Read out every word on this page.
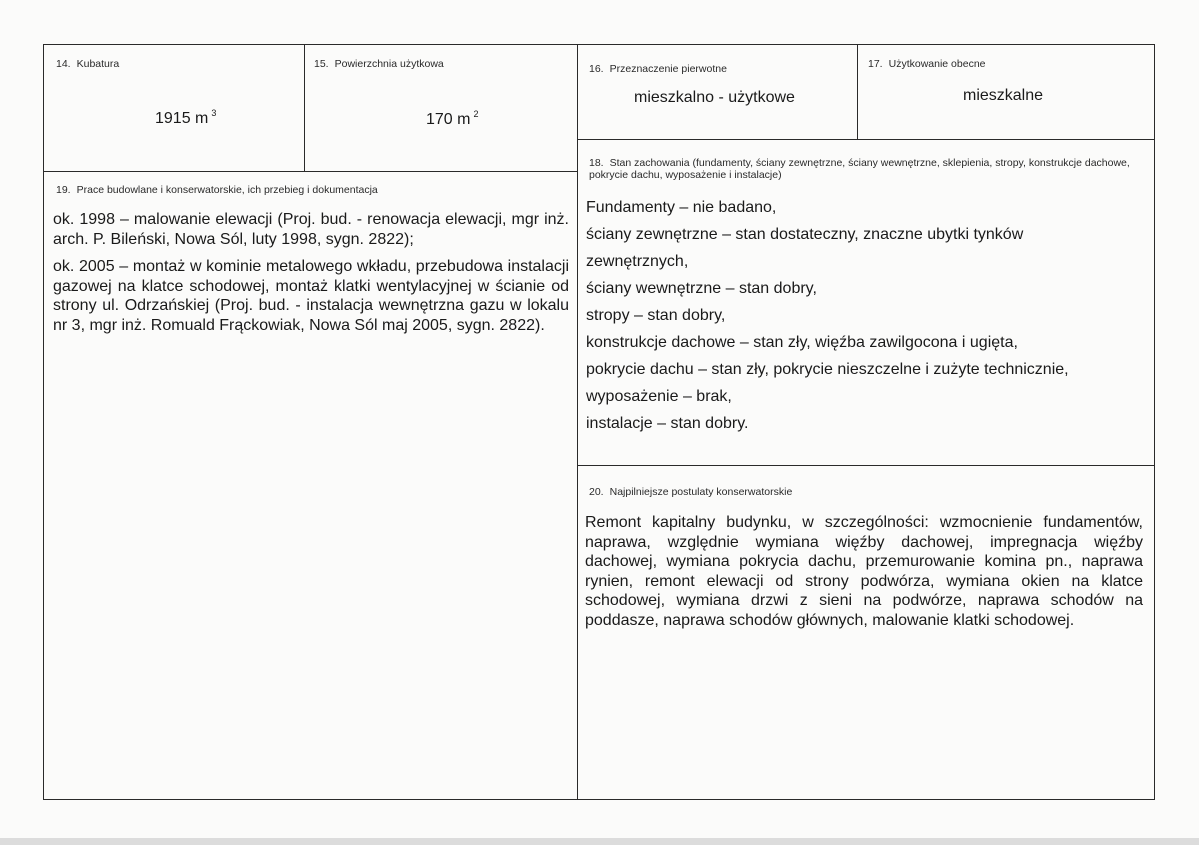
14. Kubatura
1915 m $^3$
15. Powierzchnia użytkowa
170 m $^2$
16. Przeznaczenie pierwotne
mieszkalno - użytkowe
17. Użytkowanie obecne
mieszkalne
18. Stan zachowania (fundamenty, ściany zewnętrzne, ściany wewnętrzne, sklepienia, stropy, konstrukcje dachowe, pokrycie dachu, wyposażenie i instalacje)
Fundamenty – nie badano,
ściany zewnętrzne – stan dostateczny, znaczne ubytki tynków
zewnętrznych,
ściany wewnętrzne – stan dobry,
stropy – stan dobry,
konstrukcje dachowe – stan zły, więźba zawilgocona i ugięta,
pokrycie dachu – stan zły, pokrycie nieszczelne i zużyte technicznie,
wyposażenie – brak,
instalacje – stan dobry.
19. Prace budowlane i konserwatorskie, ich przebieg i dokumentacja

ok. 1998 – malowanie elewacji (Proj. bud. - renowacja elewacji, mgr inż. arch. P. Bileński, Nowa Sól, luty 1998, sygn. 2822);

ok. 2005 – montaż w kominie metalowego wkładu, przebudowa instalacji gazowej na klatce schodowej, montaż klatki wentylacyjnej w ścianie od strony ul. Odrzańskiej (Proj. bud. - instalacja wewnętrzna gazu w lokalu nr 3, mgr inż. Romuald Frąckowiak, Nowa Sól maj 2005, sygn. 2822).

20. Najpilniejsze postulaty konserwatorskie
Remont kapitalny budynku, w szczególności: wzmocnienie fundamentów, naprawa, względnie wymiana więźby dachowej, impregnacja więźby dachowej, wymiana pokrycia dachu, przemurowanie komina pn., naprawa rynien, remont elewacji od strony podwórza, wymiana okien na klatce schodowej, wymiana drzwi z sieni na podwórze, naprawa schodów na poddasze, naprawa schodów głównych, malowanie klatki schodowej.
